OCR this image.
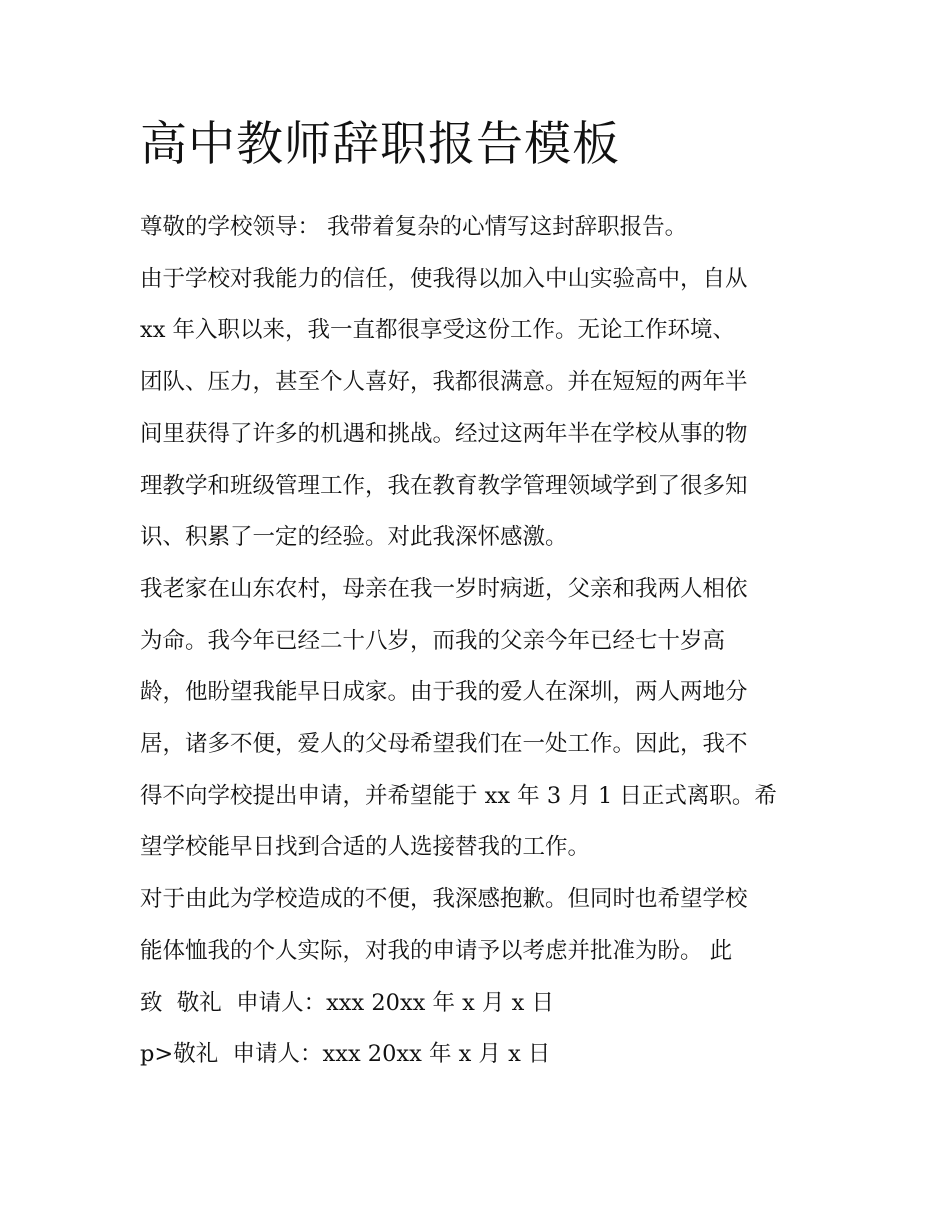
高中教师辞职报告模板

尊敬的学校领导： 我带着复杂的心情写这封辞职报告。

由于学校对我能力的信任，使我得以加入中山实验高中，自从

xx 年入职以来，我一直都很享受这份工作。无论工作环境、

团队、压力，甚至个人喜好，我都很满意。并在短短的两年半

间里获得了许多的机遇和挑战。经过这两年半在学校从事的物

理教学和班级管理工作，我在教育教学管理领域学到了很多知

识、积累了一定的经验。对此我深怀感激。

我老家在山东农村，母亲在我一岁时病逝，父亲和我两人相依

为命。我今年已经二十八岁，而我的父亲今年已经七十岁高

龄，他盼望我能早日成家。由于我的爱人在深圳，两人两地分

居，诸多不便，爱人的父母希望我们在一处工作。因此，我不

得不向学校提出申请，并希望能于 xx 年 3 月 1 日正式离职。希

望学校能早日找到合适的人选接替我的工作。

对于由此为学校造成的不便，我深感抱歉。但同时也希望学校

能体恤我的个人实际，对我的申请予以考虑并批准为盼。 此

致  敬礼  申请人：xxx 20xx 年 x 月 x 日

p>敬礼  申请人：xxx 20xx 年 x 月 x 日
